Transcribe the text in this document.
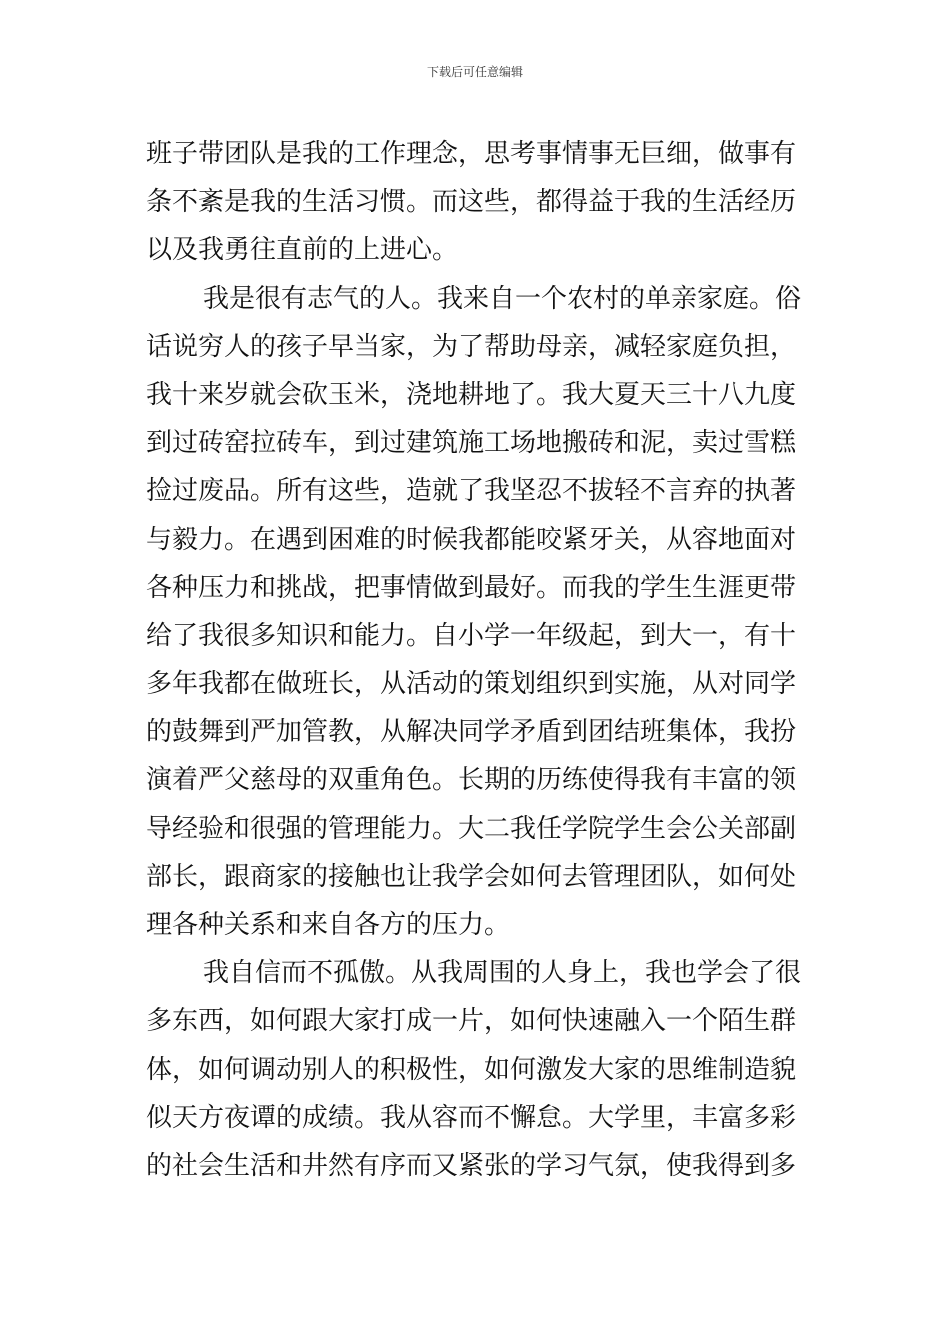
下载后可任意编辑
班子带团队是我的工作理念，思考事情事无巨细，做事有
条不紊是我的生活习惯。而这些，都得益于我的生活经历
以及我勇往直前的上进心。
我是很有志气的人。我来自一个农村的单亲家庭。俗
话说穷人的孩子早当家，为了帮助母亲，减轻家庭负担，
我十来岁就会砍玉米，浇地耕地了。我大夏天三十八九度
到过砖窑拉砖车，到过建筑施工场地搬砖和泥，卖过雪糕
捡过废品。所有这些，造就了我坚忍不拔轻不言弃的执著
与毅力。在遇到困难的时候我都能咬紧牙关，从容地面对
各种压力和挑战，把事情做到最好。而我的学生生涯更带
给了我很多知识和能力。自小学一年级起，到大一，有十
多年我都在做班长，从活动的策划组织到实施，从对同学
的鼓舞到严加管教，从解决同学矛盾到团结班集体，我扮
演着严父慈母的双重角色。长期的历练使得我有丰富的领
导经验和很强的管理能力。大二我任学院学生会公关部副
部长，跟商家的接触也让我学会如何去管理团队，如何处
理各种关系和来自各方的压力。
我自信而不孤傲。从我周围的人身上，我也学会了很
多东西，如何跟大家打成一片，如何快速融入一个陌生群
体，如何调动别人的积极性，如何激发大家的思维制造貌
似天方夜谭的成绩。我从容而不懈怠。大学里，丰富多彩
的社会生活和井然有序而又紧张的学习气氛，使我得到多
